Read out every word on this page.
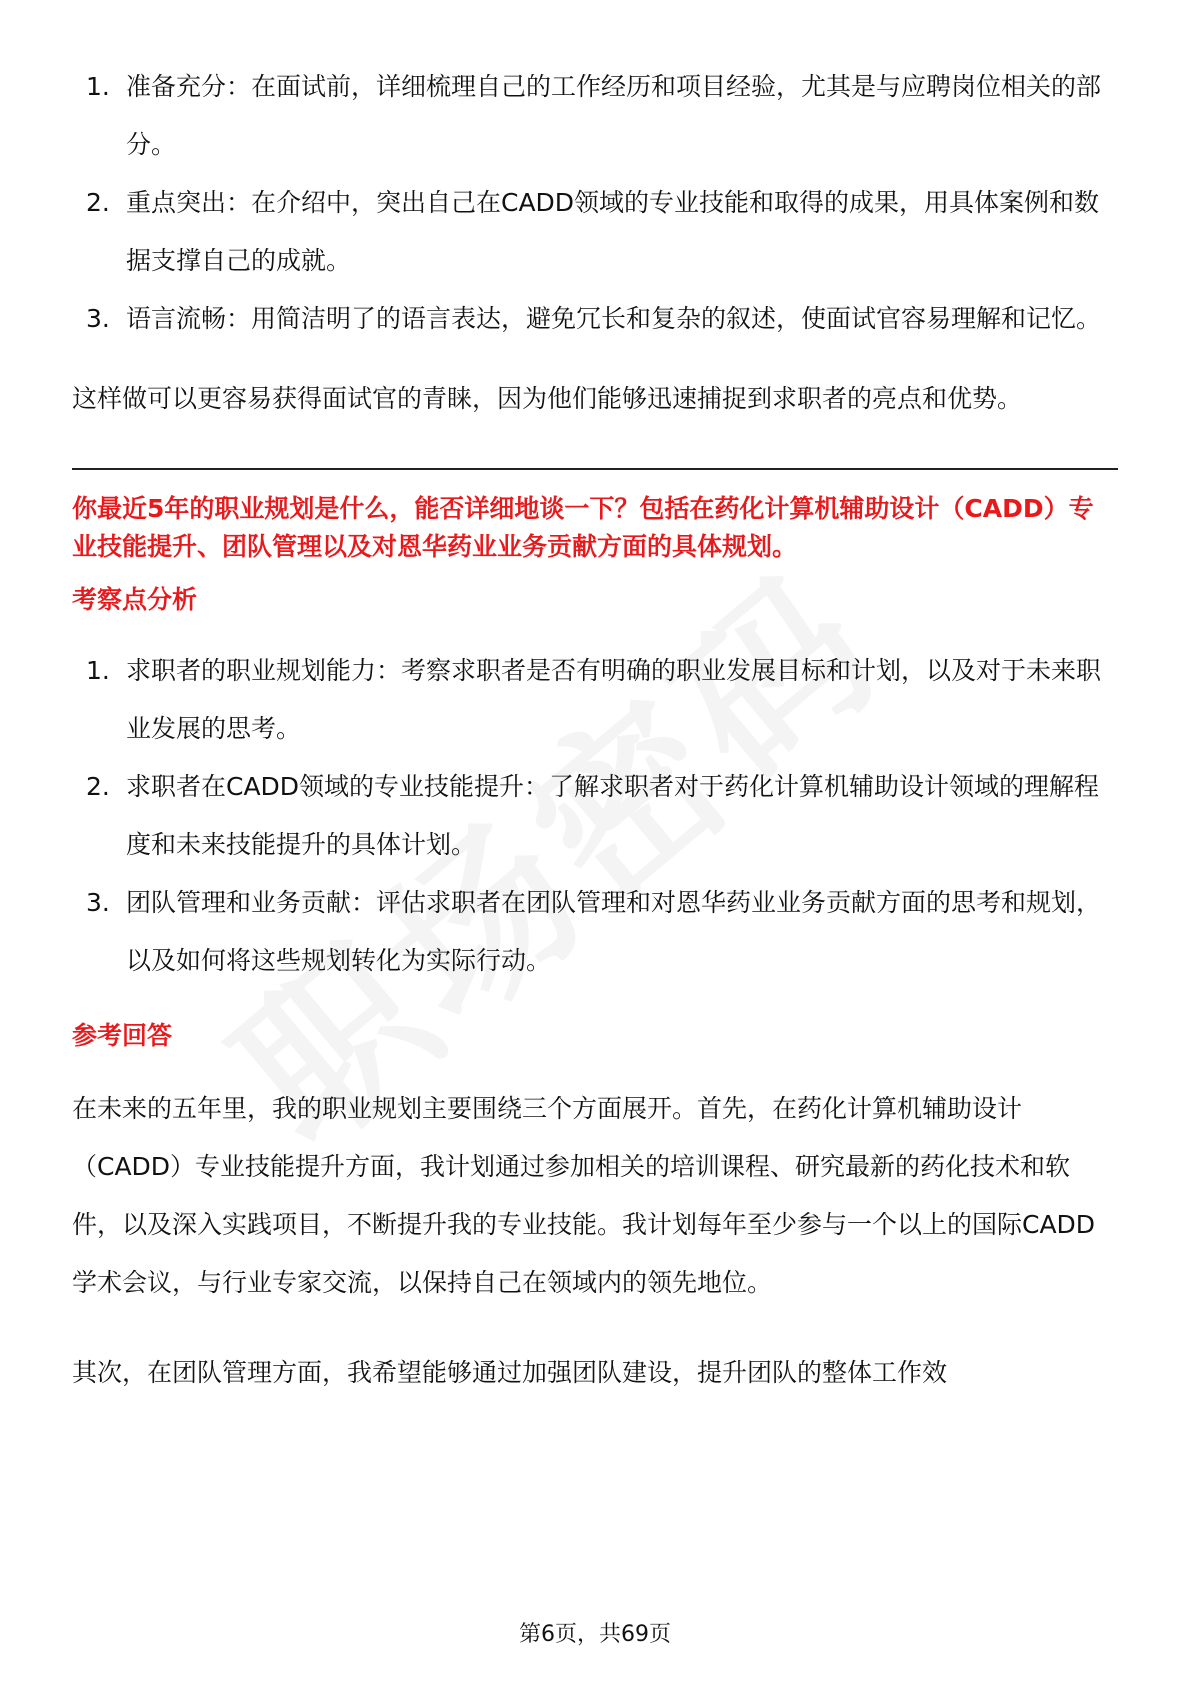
1. 准备充分：在面试前，详细梳理自己的工作经历和项目经验，尤其是与应聘岗位相关的部分。
2. 重点突出：在介绍中，突出自己在CADD领域的专业技能和取得的成果，用具体案例和数据支撑自己的成就。
3. 语言流畅：用简洁明了的语言表达，避免冗长和复杂的叙述，使面试官容易理解和记忆。

这样做可以更容易获得面试官的青睐，因为他们能够迅速捕捉到求职者的亮点和优势。

你最近5年的职业规划是什么，能否详细地谈一下？包括在药化计算机辅助设计（CADD）专业技能提升、团队管理以及对恩华药业业务贡献方面的具体规划。

考察点分析

1. 求职者的职业规划能力：考察求职者是否有明确的职业发展目标和计划，以及对于未来职业发展的思考。
2. 求职者在CADD领域的专业技能提升：了解求职者对于药化计算机辅助设计领域的理解程度和未来技能提升的具体计划。
3. 团队管理和业务贡献：评估求职者在团队管理和对恩华药业业务贡献方面的思考和规划，以及如何将这些规划转化为实际行动。

参考回答

在未来的五年里，我的职业规划主要围绕三个方面展开。首先，在药化计算机辅助设计（CADD）专业技能提升方面，我计划通过参加相关的培训课程、研究最新的药化技术和软件，以及深入实践项目，不断提升我的专业技能。我计划每年至少参与一个以上的国际CADD学术会议，与行业专家交流，以保持自己在领域内的领先地位。

其次，在团队管理方面，我希望能够通过加强团队建设，提升团队的整体工作效

第6页，共69页
